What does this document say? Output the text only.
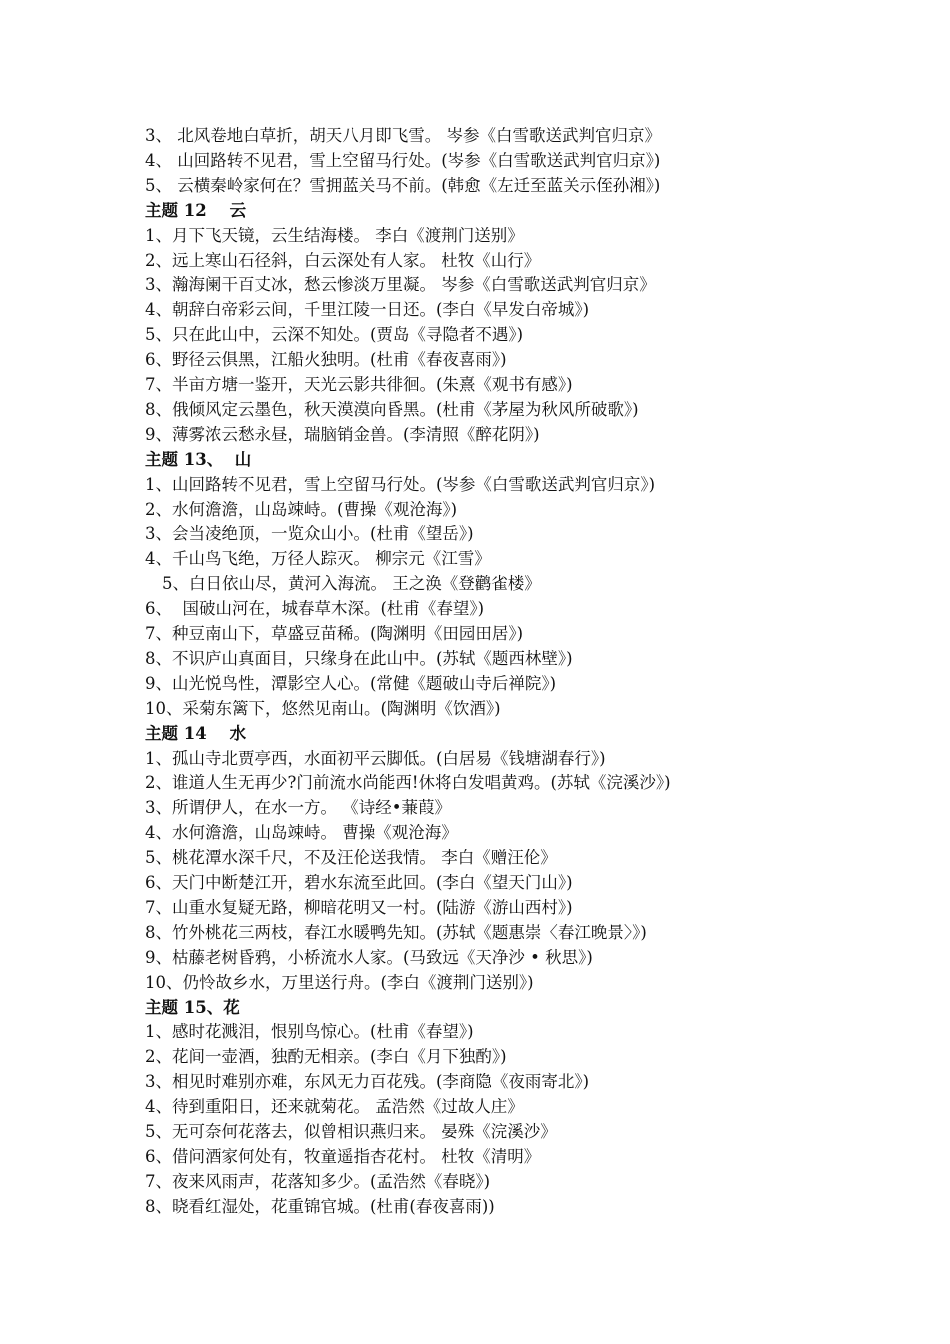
3、 北风卷地白草折，胡天八月即飞雪。 岑参《白雪歌送武判官归京》
4、 山回路转不见君，雪上空留马行处。(岑参《白雪歌送武判官归京》)
5、 云横秦岭家何在？雪拥蓝关马不前。(韩愈《左迁至蓝关示侄孙湘》)
主题 12    云
1、月下飞天镜，云生结海楼。 李白《渡荆门送别》
2、远上寒山石径斜，白云深处有人家。 杜牧《山行》
3、瀚海阑干百丈冰，愁云惨淡万里凝。 岑参《白雪歌送武判官归京》
4、朝辞白帝彩云间，千里江陵一日还。(李白《早发白帝城》)
5、只在此山中，云深不知处。(贾岛《寻隐者不遇》)
6、野径云俱黑，江船火独明。(杜甫《春夜喜雨》)
7、半亩方塘一鉴开，天光云影共徘徊。(朱熹《观书有感》)
8、俄倾风定云墨色，秋天漠漠向昏黑。(杜甫《茅屋为秋风所破歌》)
9、薄雾浓云愁永昼，瑞脑销金兽。(李清照《醉花阴》)
主题 13、  山
1、山回路转不见君，雪上空留马行处。(岑参《白雪歌送武判官归京》)
2、水何澹澹，山岛竦峙。(曹操《观沧海》)
3、会当凌绝顶，一览众山小。(杜甫《望岳》)
4、千山鸟飞绝，万径人踪灭。 柳宗元《江雪》
5、白日依山尽，黄河入海流。 王之涣《登鹳雀楼》
6、  国破山河在，城春草木深。(杜甫《春望》)
7、种豆南山下，草盛豆苗稀。(陶渊明《田园田居》)
8、不识庐山真面目，只缘身在此山中。(苏轼《题西林壁》)
9、山光悦鸟性，潭影空人心。(常健《题破山寺后禅院》)
10、采菊东篱下，悠然见南山。(陶渊明《饮酒》)
主题 14    水
1、孤山寺北贾亭西，水面初平云脚低。(白居易《钱塘湖春行》)
2、谁道人生无再少?门前流水尚能西!休将白发唱黄鸡。(苏轼《浣溪沙》)
3、所谓伊人，在水一方。 《诗经•蒹葭》
4、水何澹澹，山岛竦峙。 曹操《观沧海》
5、桃花潭水深千尺，不及汪伦送我情。 李白《赠汪伦》
6、天门中断楚江开，碧水东流至此回。(李白《望天门山》)
7、山重水复疑无路，柳暗花明又一村。(陆游《游山西村》)
8、竹外桃花三两枝，春江水暖鸭先知。(苏轼《题惠崇〈春江晚景〉》)
9、枯藤老树昏鸦，小桥流水人家。(马致远《天净沙 • 秋思》)
10、仍怜故乡水，万里送行舟。(李白《渡荆门送别》)
主题 15、花
1、感时花溅泪，恨别鸟惊心。(杜甫《春望》)
2、花间一壶酒，独酌无相亲。(李白《月下独酌》)
3、相见时难别亦难，东风无力百花残。(李商隐《夜雨寄北》)
4、待到重阳日，还来就菊花。 孟浩然《过故人庄》
5、无可奈何花落去，似曾相识燕归来。 晏殊《浣溪沙》
6、借问酒家何处有，牧童遥指杏花村。 杜牧《清明》
7、夜来风雨声，花落知多少。(孟浩然《春晓》)
8、晓看红湿处，花重锦官城。(杜甫(春夜喜雨))
